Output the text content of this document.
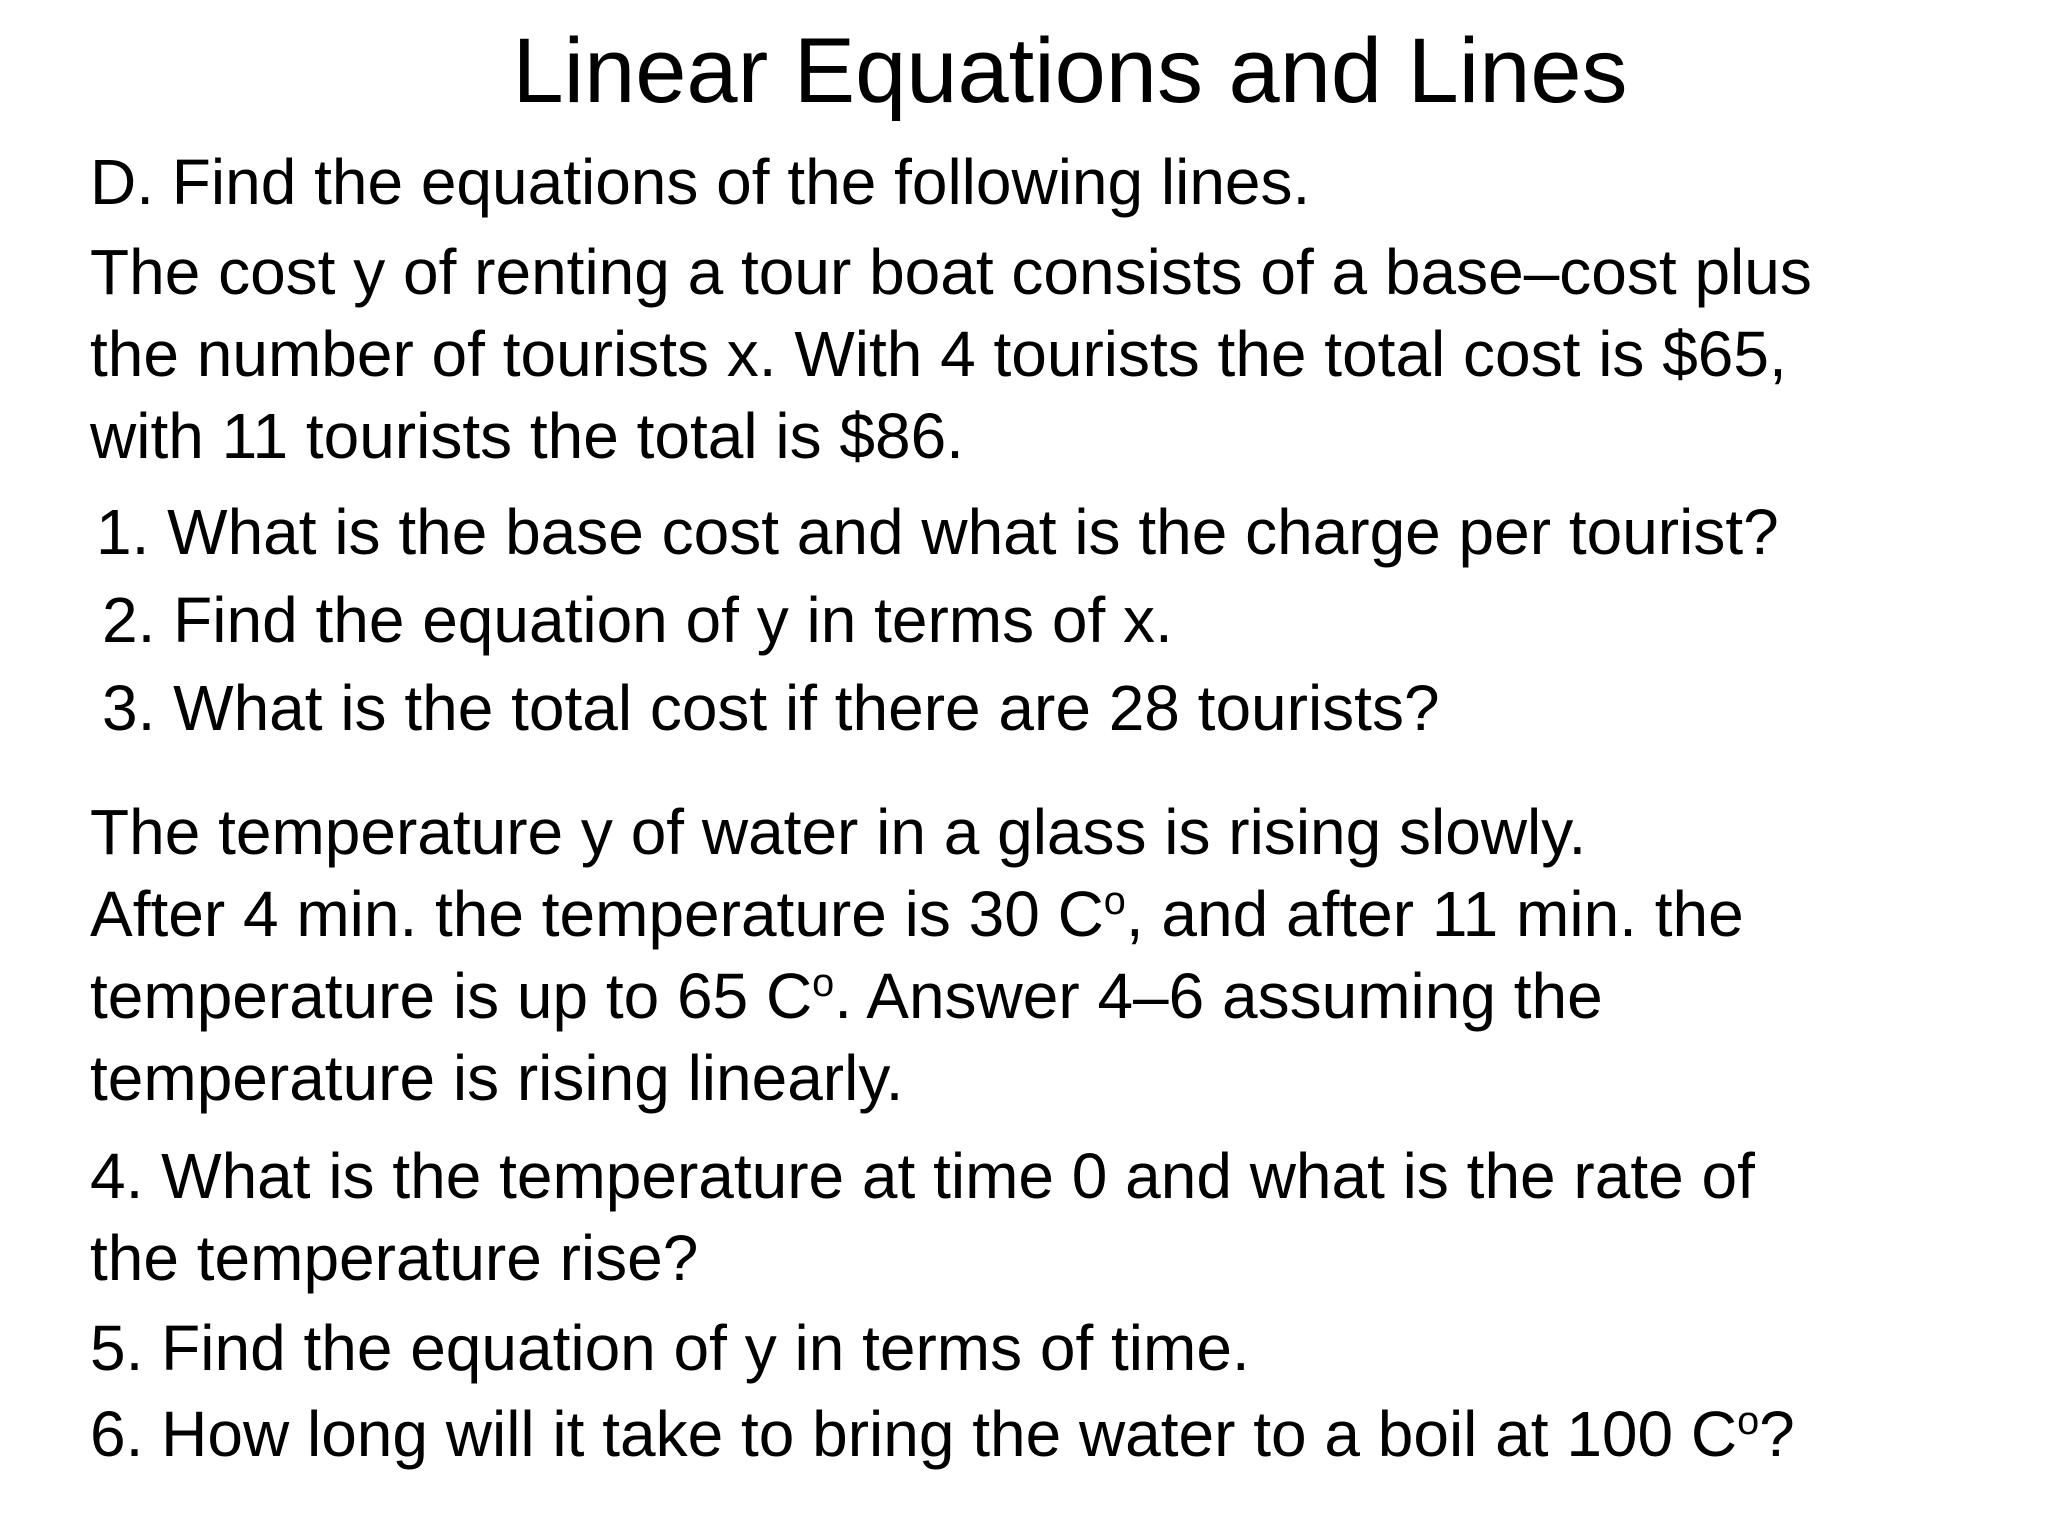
Linear Equations and Lines
D. Find the equations of the following lines.
The cost y of renting a tour boat consists of a base–cost plus
the number of tourists x. With 4 tourists the total cost is $65,
with 11 tourists the total is $86.
1. What is the base cost and what is the charge per tourist?
2. Find the equation of y in terms of x.
3. What is the total cost if there are 28 tourists?
The temperature y of water in a glass is rising slowly.
After 4 min. the temperature is 30 $C^o$, and after 11 min. the
temperature is up to 65 $C^o$. Answer 4–6 assuming the
temperature is rising linearly.
4. What is the temperature at time 0 and what is the rate of
the temperature rise?
5. Find the equation of y in terms of time.
6. How long will it take to bring the water to a boil at 100 $C^o$?
